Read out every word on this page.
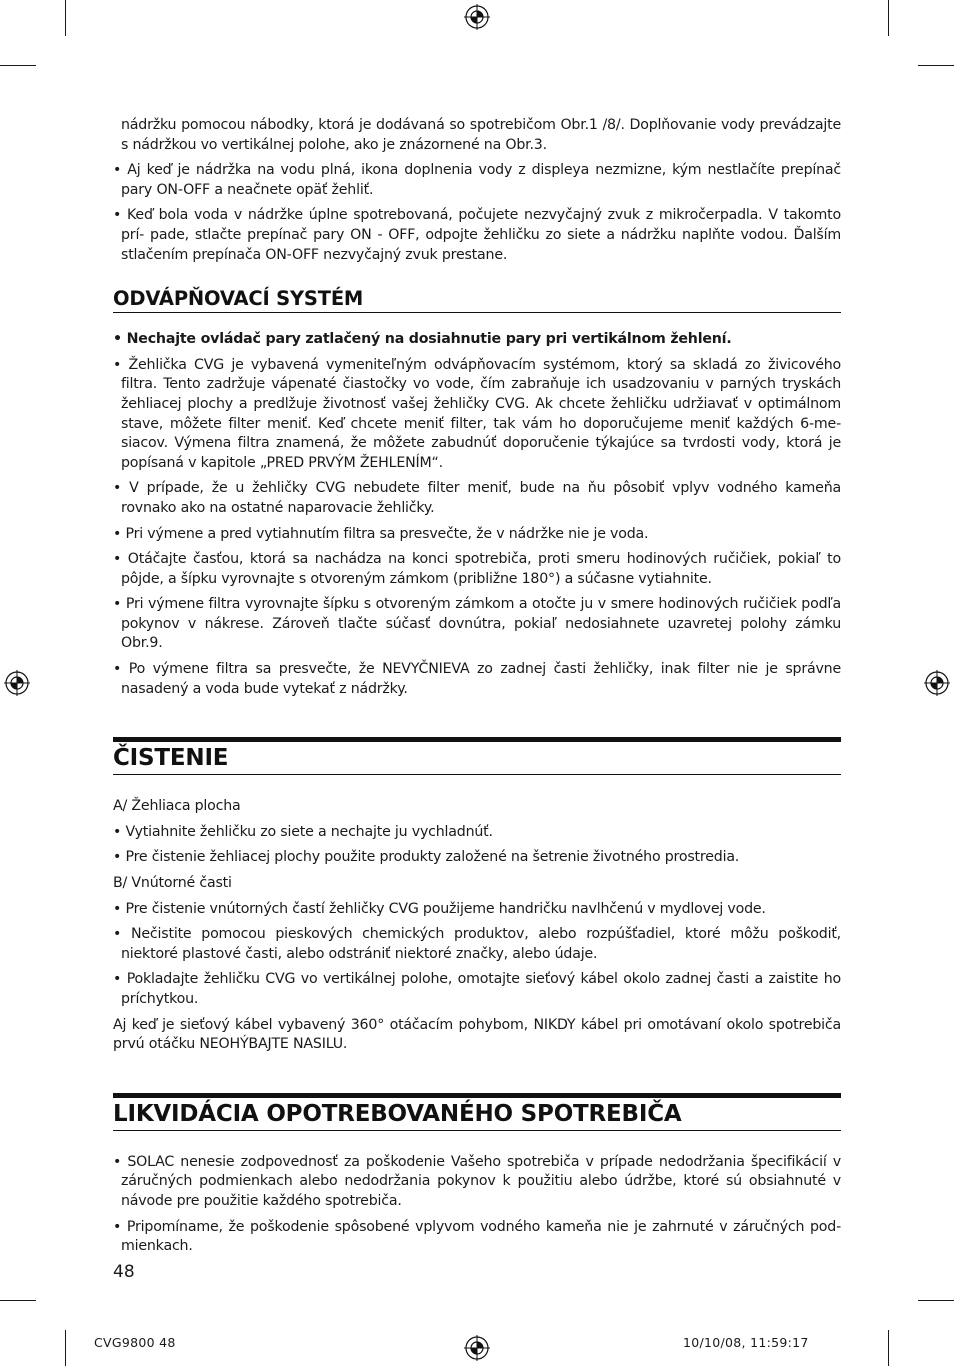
nádržku pomocou nábodky, ktorá je dodávaná so spotrebičom Obr.1 /8/. Doplňovanie vody prevádzajte s nádržkou vo vertikálnej polohe, ako je znázornené na Obr.3.

• Aj keď je nádržka na vodu plná, ikona doplnenia vody z displeya nezmizne, kým nestlačíte prepínač pary ON-OFF a neačnete opäť žehliť.

• Keď bola voda v nádržke úplne spotrebovaná, počujete nezvyčajný zvuk z mikročerpadla. V takomto prí- pade, stlačte prepínač pary ON - OFF, odpojte žehličku zo siete a nádržku naplňte vodou. Ďalším stlačením prepínača ON-OFF nezvyčajný zvuk prestane.

ODVÁPŇOVACÍ SYSTÉM

• Nechajte ovládač pary zatlačený na dosiahnutie pary pri vertikálnom žehlení.

• Žehlička CVG je vybavená vymeniteľným odvápňovacím systémom, ktorý sa skladá zo živicového filtra. Tento zadržuje vápenaté čiastočky vo vode, čím zabraňuje ich usadzovaniu v parných tryskách žehliacej plochy a predlžuje životnosť vašej žehličky CVG. Ak chcete žehličku udržiavať v optimálnom stave, môžete filter meniť. Keď chcete meniť filter, tak vám ho doporučujeme meniť každých 6-me- siacov. Výmena filtra znamená, že môžete zabudnúť doporučenie týkajúce sa tvrdosti vody, ktorá je popísaná v kapitole „PRED PRVÝM ŽEHLENÍM“.

• V prípade, že u žehličky CVG nebudete filter meniť, bude na ňu pôsobiť vplyv vodného kameňa rovnako ako na ostatné naparovacie žehličky.

• Pri výmene a pred vytiahnutím filtra sa presvečte, že v nádržke nie je voda.

• Otáčajte časťou, ktorá sa nachádza na konci spotrebiča, proti smeru hodinových ručičiek, pokiaľ to pôjde, a šípku vyrovnajte s otvoreným zámkom (približne 180°) a súčasne vytiahnite.

• Pri výmene filtra vyrovnajte šípku s otvoreným zámkom a otočte ju v smere hodinových ručičiek podľa pokynov v nákrese. Zároveň tlačte súčasť dovnútra, pokiaľ nedosiahnete uzavretej polohy zámku Obr.9.

• Po výmene filtra sa presvečte, že NEVYČNIEVA zo zadnej časti žehličky, inak filter nie je správne nasadený a voda bude vytekať z nádržky.

ČISTENIE

A/ Žehliaca plocha

• Vytiahnite žehličku zo siete a nechajte ju vychladnúť.

• Pre čistenie žehliacej plochy použite produkty založené na šetrenie životného prostredia.

B/ Vnútorné časti

• Pre čistenie vnútorných častí žehličky CVG použijeme handričku navlhčenú v mydlovej vode.

• Nečistite pomocou pieskových chemických produktov, alebo rozpúšťadiel, ktoré môžu poškodiť, niektoré plastové časti, alebo odstrániť niektoré značky, alebo údaje.

• Pokladajte žehličku CVG vo vertikálnej polohe, omotajte sieťový kábel okolo zadnej časti a zaistite ho príchytkou.

Aj keď je sieťový kábel vybavený 360° otáčacím pohybom, NIKDY kábel pri omotávaní okolo spotrebiča prvú otáčku NEOHÝBAJTE NASILU.

LIKVIDÁCIA OPOTREBOVANÉHO SPOTREBIČA

• SOLAC nenesie zodpovednosť za poškodenie Vašeho spotrebiča v prípade nedodržania špecifikácií v záručných podmienkach alebo nedodržania pokynov k použitiu alebo údržbe, ktoré sú obsiahnuté v návode pre použitie každého spotrebiča.

• Pripomíname, že poškodenie spôsobené vplyvom vodného kameňa nie je zahrnuté v záručných pod- mienkach.

48
CVG9800 48	10/10/08, 11:59:17
